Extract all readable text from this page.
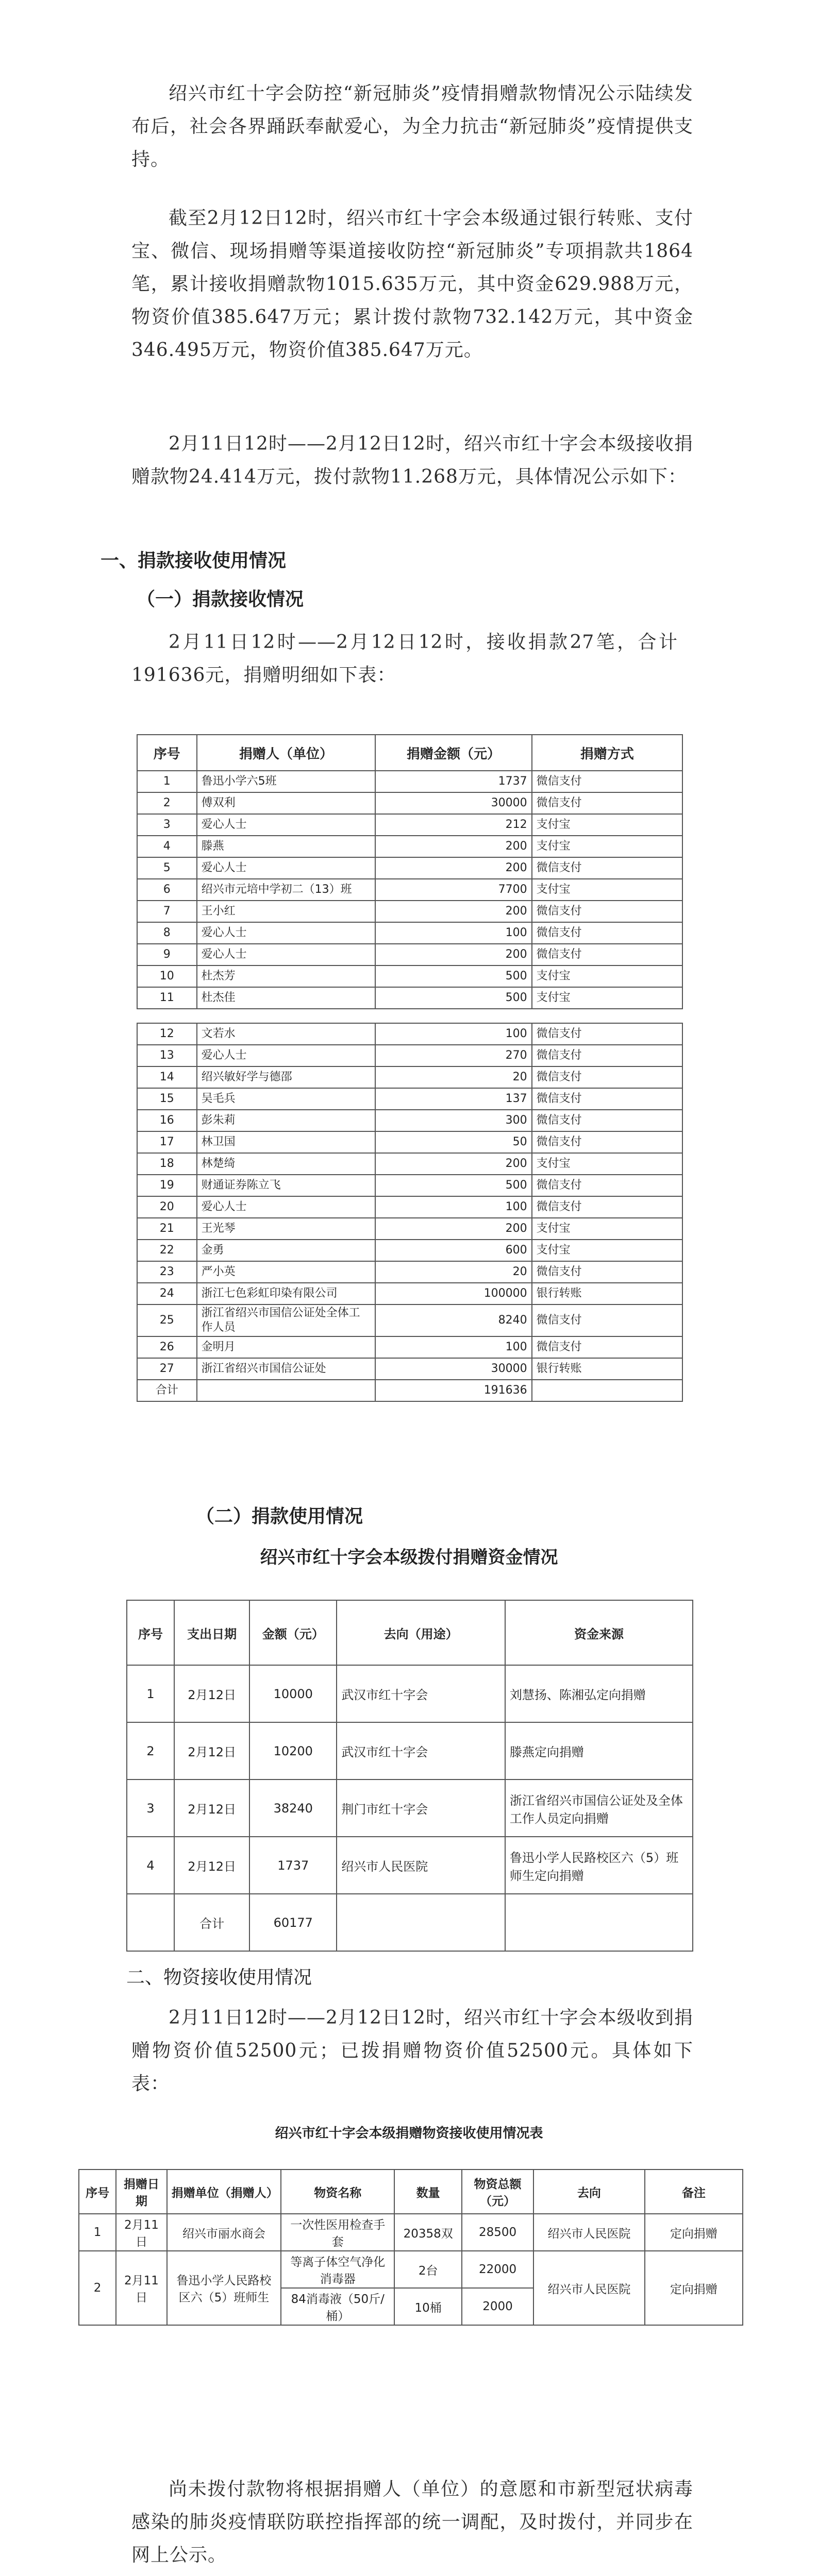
绍兴市红十字会防控“新冠肺炎”疫情捐赠款物情况公示陆续发布后，社会各界踊跃奉献爱心，为全力抗击“新冠肺炎”疫情提供支持。

截至2月12日12时，绍兴市红十字会本级通过银行转账、支付宝、微信、现场捐赠等渠道接收防控“新冠肺炎”专项捐款共1864笔，累计接收捐赠款物1015.635万元，其中资金629.988万元，物资价值385.647万元；累计拨付款物732.142万元，其中资金346.495万元，物资价值385.647万元。

2月11日12时——2月12日12时，绍兴市红十字会本级接收捐赠款物24.414万元，拨付款物11.268万元，具体情况公示如下：

一、捐款接收使用情况

（一）捐款接收情况

2月11日12时——2月12日12时，接收捐款27笔，合计191636元，捐赠明细如下表：

序号	捐赠人（单位）	捐赠金额（元）	捐赠方式
1	鲁迅小学六5班	1737	微信支付
2	傅双利	30000	微信支付
3	爱心人士	212	支付宝
4	滕燕	200	支付宝
5	爱心人士	200	微信支付
6	绍兴市元培中学初二（13）班	7700	支付宝
7	王小红	200	微信支付
8	爱心人士	100	微信支付
9	爱心人士	200	微信支付
10	杜杰芳	500	支付宝
11	杜杰佳	500	支付宝

12	文若水	100	微信支付
13	爱心人士	270	微信支付
14	绍兴敏好学与德邵	20	微信支付
15	吴毛兵	137	微信支付
16	彭朱莉	300	微信支付
17	林卫国	50	微信支付
18	林楚绮	200	支付宝
19	财通证券陈立飞	500	微信支付
20	爱心人士	100	微信支付
21	王光琴	200	支付宝
22	金勇	600	支付宝
23	严小英	20	微信支付
24	浙江七色彩虹印染有限公司	100000	银行转账
25	浙江省绍兴市国信公证处全体工作人员	8240	微信支付
26	金明月	100	微信支付
27	浙江省绍兴市国信公证处	30000	银行转账
合计		191636	

（二）捐款使用情况

绍兴市红十字会本级拨付捐赠资金情况

序号	支出日期	金额（元）	去向（用途）	资金来源
1	2月12日	10000	武汉市红十字会	刘慧扬、陈湘弘定向捐赠
2	2月12日	10200	武汉市红十字会	滕燕定向捐赠
3	2月12日	38240	荆门市红十字会	浙江省绍兴市国信公证处及全体工作人员定向捐赠
4	2月12日	1737	绍兴市人民医院	鲁迅小学人民路校区六（5）班师生定向捐赠
	合计	60177		

二、物资接收使用情况

2月11日12时——2月12日12时，绍兴市红十字会本级收到捐赠物资价值52500元；已拨捐赠物资价值52500元。具体如下表：

绍兴市红十字会本级捐赠物资接收使用情况表

序号	捐赠日期	捐赠单位（捐赠人）	物资名称	数量	物资总额（元）	去向	备注
1	2月11日	绍兴市丽水商会	一次性医用检查手套	20358双	28500	绍兴市人民医院	定向捐赠
2	2月11日	鲁迅小学人民路校区六（5）班师生	等离子体空气净化消毒器	2台	22000	绍兴市人民医院	定向捐赠
			84消毒液（50斤/桶）	10桶	2000		

尚未拨付款物将根据捐赠人（单位）的意愿和市新型冠状病毒感染的肺炎疫情联防联控指挥部的统一调配，及时拨付，并同步在网上公示。
